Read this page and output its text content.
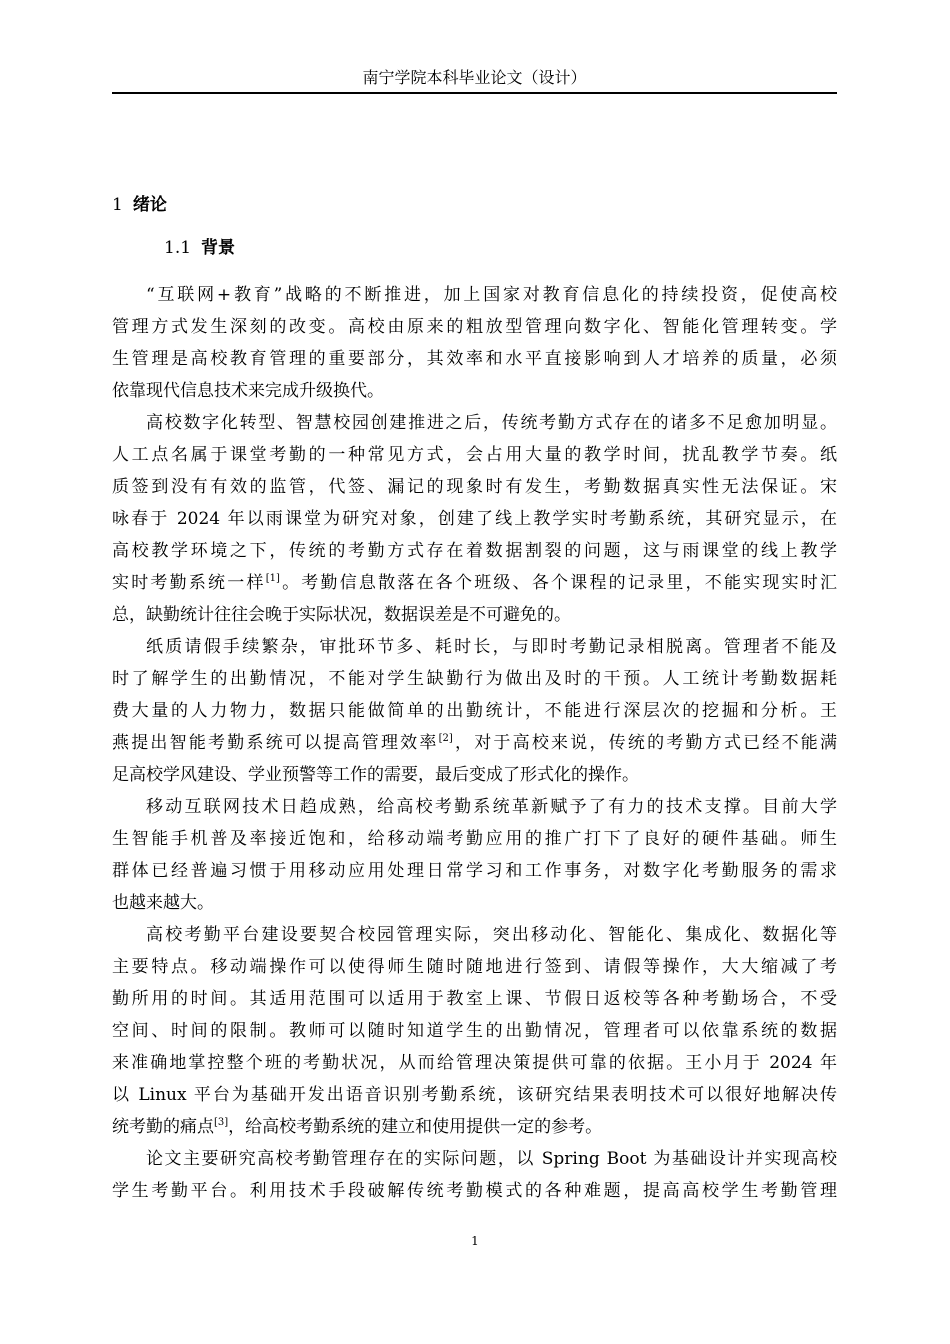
南宁学院本科毕业论文（设计）
1 绪论
1.1 背景
“互联网+教育”战略的不断推进，加上国家对教育信息化的持续投资，促使高校
管理方式发生深刻的改变。高校由原来的粗放型管理向数字化、智能化管理转变。学
生管理是高校教育管理的重要部分，其效率和水平直接影响到人才培养的质量，必须
依靠现代信息技术来完成升级换代。
高校数字化转型、智慧校园创建推进之后，传统考勤方式存在的诸多不足愈加明显。
人工点名属于课堂考勤的一种常见方式，会占用大量的教学时间，扰乱教学节奏。纸
质签到没有有效的监管，代签、漏记的现象时有发生，考勤数据真实性无法保证。宋
咏春于 2024 年以雨课堂为研究对象，创建了线上教学实时考勤系统，其研究显示，在
高校教学环境之下，传统的考勤方式存在着数据割裂的问题，这与雨课堂的线上教学
实时考勤系统一样[1]。考勤信息散落在各个班级、各个课程的记录里，不能实现实时汇
总，缺勤统计往往会晚于实际状况，数据误差是不可避免的。
纸质请假手续繁杂，审批环节多、耗时长，与即时考勤记录相脱离。管理者不能及
时了解学生的出勤情况，不能对学生缺勤行为做出及时的干预。人工统计考勤数据耗
费大量的人力物力，数据只能做简单的出勤统计，不能进行深层次的挖掘和分析。王
燕提出智能考勤系统可以提高管理效率[2]，对于高校来说，传统的考勤方式已经不能满
足高校学风建设、学业预警等工作的需要，最后变成了形式化的操作。
移动互联网技术日趋成熟，给高校考勤系统革新赋予了有力的技术支撑。目前大学
生智能手机普及率接近饱和，给移动端考勤应用的推广打下了良好的硬件基础。师生
群体已经普遍习惯于用移动应用处理日常学习和工作事务，对数字化考勤服务的需求
也越来越大。
高校考勤平台建设要契合校园管理实际，突出移动化、智能化、集成化、数据化等
主要特点。移动端操作可以使得师生随时随地进行签到、请假等操作，大大缩减了考
勤所用的时间。其适用范围可以适用于教室上课、节假日返校等各种考勤场合，不受
空间、时间的限制。教师可以随时知道学生的出勤情况，管理者可以依靠系统的数据
来准确地掌控整个班的考勤状况，从而给管理决策提供可靠的依据。王小月于 2024 年
以 Linux 平台为基础开发出语音识别考勤系统，该研究结果表明技术可以很好地解决传
统考勤的痛点[3]，给高校考勤系统的建立和使用提供一定的参考。
论文主要研究高校考勤管理存在的实际问题，以 Spring Boot 为基础设计并实现高校
学生考勤平台。利用技术手段破解传统考勤模式的各种难题，提高高校学生考勤管理
1
